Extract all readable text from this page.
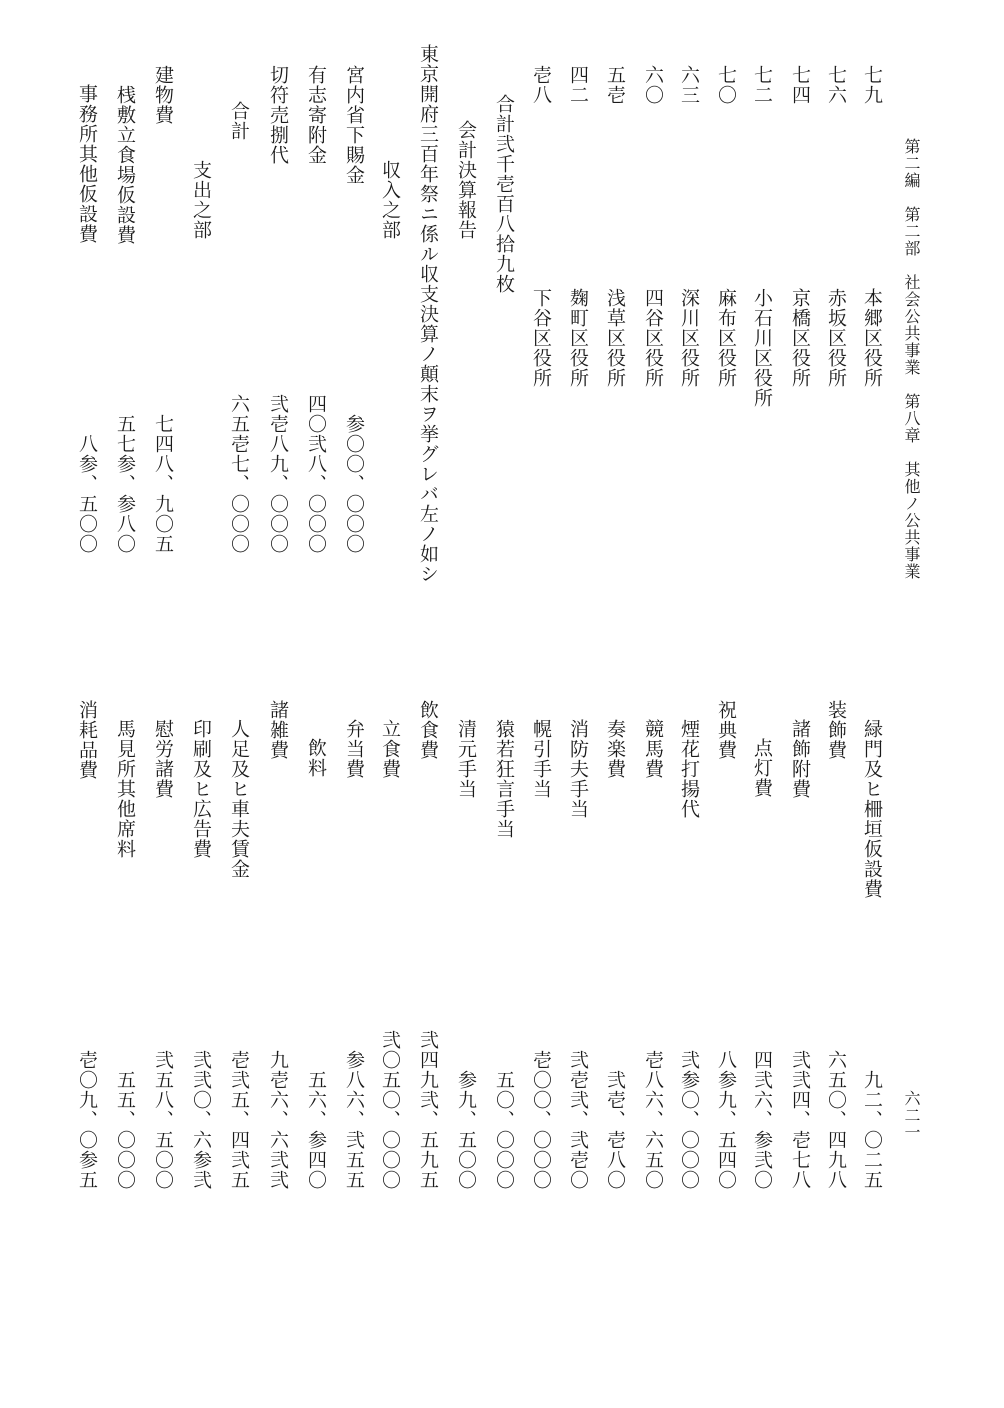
第二編　第二部　社会公共事業　第八章　其他ノ公共事業
六二一
七九
本郷区役所
七六
赤坂区役所
七四
京橋区役所
七二
小石川区役所
七〇
麻布区役所
六三
深川区役所
六〇
四谷区役所
五壱
浅草区役所
四二
麹町区役所
壱八
下谷区役所
合計弐千壱百八拾九枚
会計決算報告
東京開府三百年祭ニ係ル収支決算ノ顛末ヲ挙グレバ左ノ如シ
収入之部
宮内省下賜金
参〇〇、〇〇〇
有志寄附金
四〇弐八、〇〇〇
切符売捌代
弐壱八九、〇〇〇
合計
六五壱七、〇〇〇
支出之部
建物費
七四八、九〇五
桟敷立食場仮設費
五七参、参八〇
事務所其他仮設費
八参、五〇〇
緑門及ヒ柵垣仮設費
九二、〇二五
装飾費
六五〇、四九八
諸飾附費
弐弐四、壱七八
点灯費
四弐六、参弐〇
祝典費
八参九、五四〇
煙花打揚代
弐参〇、〇〇〇
競馬費
壱八六、六五〇
奏楽費
弐壱、壱八〇
消防夫手当
弐壱弐、弐壱〇
幌引手当
壱〇〇、〇〇〇
猿若狂言手当
五〇、〇〇〇
清元手当
参九、五〇〇
飲食費
弐四九弐、五九五
立食費
弐〇五〇、〇〇〇
弁当費
参八六、弐五五
飲料
五六、参四〇
諸雑費
九壱六、六弐弐
人足及ヒ車夫賃金
壱弐五、四弐五
印刷及ヒ広告費
弐弐〇、六参弐
慰労諸費
弐五八、五〇〇
馬見所其他席料
五五、〇〇〇
消耗品費
壱〇九、〇参五
